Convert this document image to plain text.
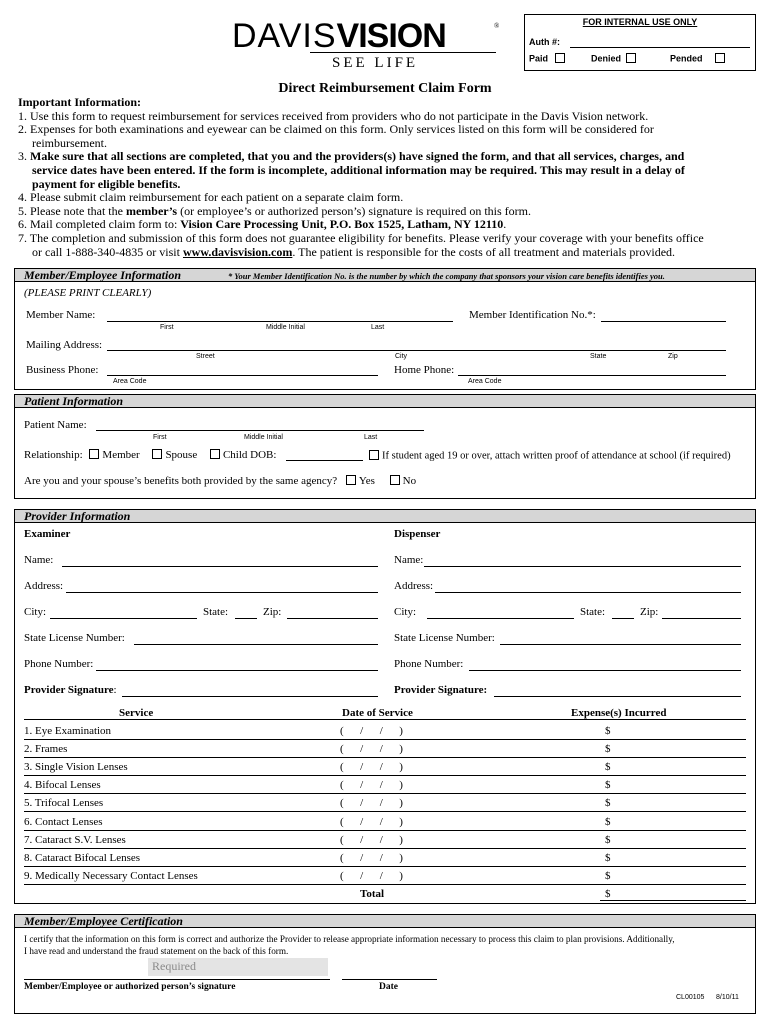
FOR INTERNAL USE ONLY
Auth #:
Paid	Denied	Pended
DAVISVISION	®
SEE LIFE
Direct Reimbursement Claim Form
Important Information:
1. Use this form to request reimbursement for services received from providers who do not participate in the Davis Vision network.
2. Expenses for both examinations and eyewear can be claimed on this form. Only services listed on this form will be considered for
reimbursement.
3. Make sure that all sections are completed, that you and the providers(s) have signed the form, and that all services, charges, and
service dates have been entered. If the form is incomplete, additional information may be required. This may result in a delay of
payment for eligible benefits.
4. Please submit claim reimbursement for each patient on a separate claim form.
5. Please note that the member’s (or employee’s or authorized person’s) signature is required on this form.
6. Mail completed claim form to: Vision Care Processing Unit, P.O. Box 1525, Latham, NY 12110.
7. The completion and submission of this form does not guarantee eligibility for benefits. Please verify your coverage with your benefits office
or call 1-888-340-4835 or visit www.davisvision.com. The patient is responsible for the costs of all treatment and materials provided.
Member/Employee Information	* Your Member Identification No. is the number by which the company that sponsors your vision care benefits identifies you.
(PLEASE PRINT CLEARLY)
Member Name:
First	Middle Initial	Last
Member Identification No.*:
Mailing Address:
Street	City	State	Zip
Business Phone:
Area Code
Home Phone:
Area Code
Patient Information
Patient Name:
First	Middle Initial	Last
Relationship: Member Spouse Child DOB:	If student aged 19 or over, attach written proof of attendance at school (if required)
Are you and your spouse’s benefits both provided by the same agency? Yes	No
Provider Information
Examiner	Dispenser
Name:
Address:
City:	State:	Zip:
State License Number:
Phone Number:
Provider Signature:
Name:
Address:
City:	State:	Zip:
State License Number:
Phone Number:
Provider Signature:
Service	Date of Service	Expense(s) Incurred
1. Eye Examination	(      /      /      )	$
2. Frames	(      /      /      )	$
3. Single Vision Lenses	(      /      /      )	$
4. Bifocal Lenses	(      /      /      )	$
5. Trifocal Lenses	(      /      /      )	$
6. Contact Lenses	(      /      /      )	$
7. Cataract S.V. Lenses	(      /      /      )	$
8. Cataract Bifocal Lenses	(      /      /      )	$
9. Medically Necessary Contact Lenses	(      /      /      )	$
Total	$
Member/Employee Certification
I certify that the information on this form is correct and authorize the Provider to release appropriate information necessary to process this claim to plan provisions. Additionally,
I have read and understand the fraud statement on the back of this form.
Required
Member/Employee or authorized person’s signature	Date
CL00105 8/10/11
